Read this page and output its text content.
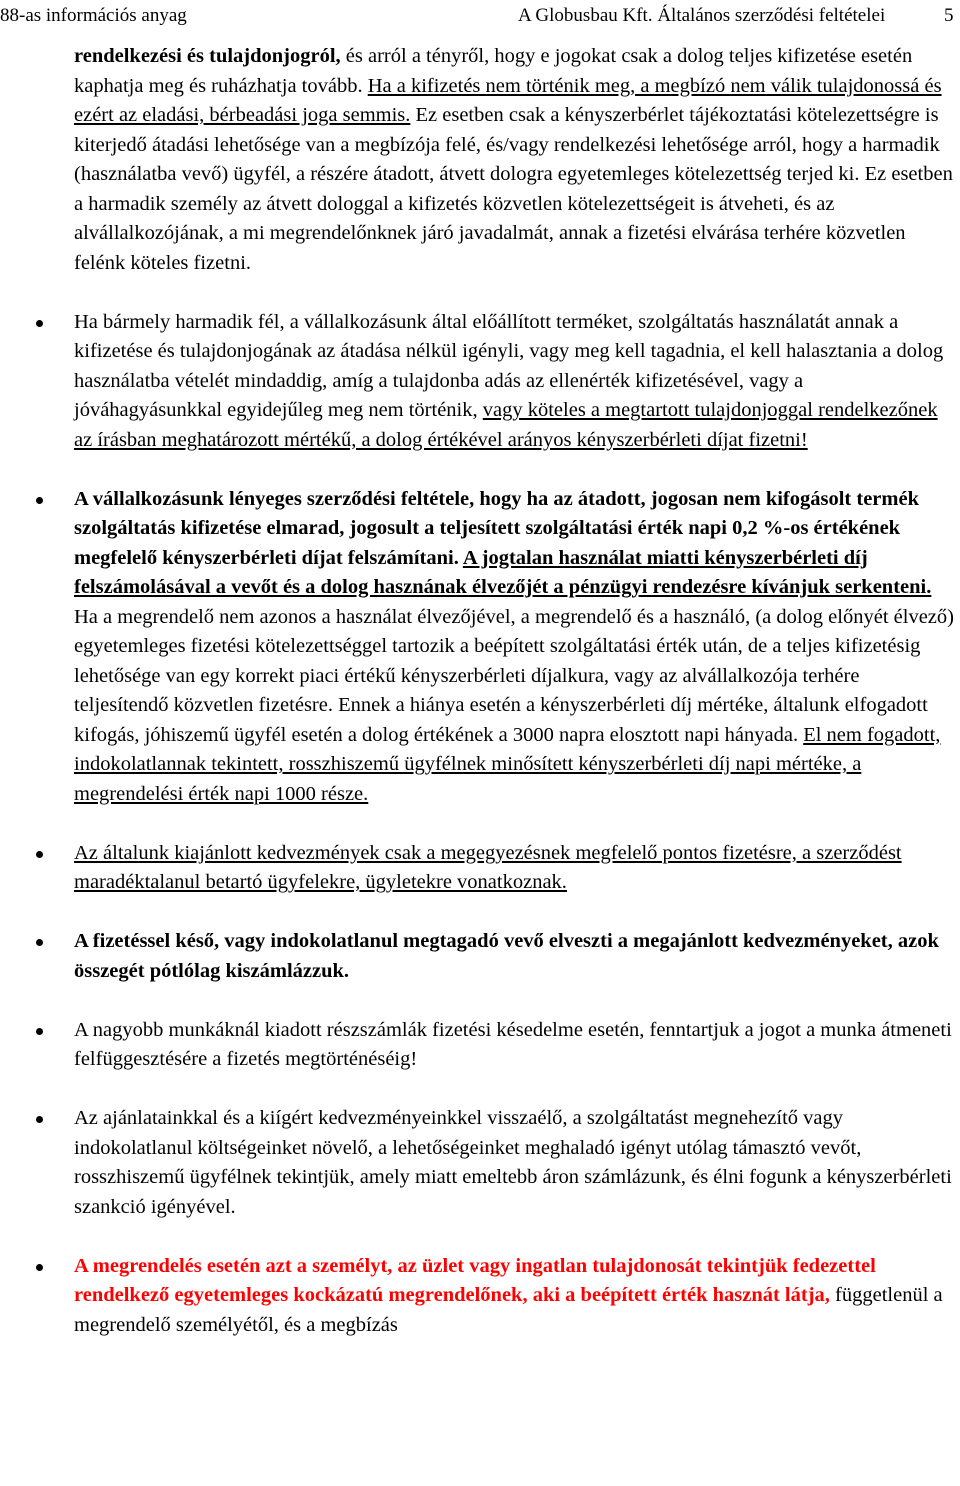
88-as információs anyag	A Globusbau Kft. Általános szerződési feltételei	5

rendelkezési és tulajdonjogról, és arról a tényről, hogy e jogokat csak a dolog teljes kifizetése esetén kaphatja meg és ruházhatja tovább. Ha a kifizetés nem történik meg, a megbízó nem válik tulajdonossá és ezért az eladási, bérbeadási joga semmis. Ez esetben csak a kényszerbérlet tájékoztatási kötelezettségre is kiterjedő átadási lehetősége van a megbízója felé, és/vagy rendelkezési lehetősége arról, hogy a harmadik (használatba vevő) ügyfél, a részére átadott, átvett dologra egyetemleges kötelezettség terjed ki. Ez esetben a harmadik személy az átvett dologgal a kifizetés közvetlen kötelezettségeit is átveheti, és az alvállalkozójának, a mi megrendelőnknek járó javadalmát, annak a fizetési elvárása terhére közvetlen felénk köteles fizetni.

Ha bármely harmadik fél, a vállalkozásunk által előállított terméket, szolgáltatás használatát annak a kifizetése és tulajdonjogának az átadása nélkül igényli, vagy meg kell tagadnia, el kell halasztania a dolog használatba vételét mindaddig, amíg a tulajdonba adás az ellenérték kifizetésével, vagy a jóváhagyásunkkal egyidejűleg meg nem történik, vagy köteles a megtartott tulajdonjoggal rendelkezőnek az írásban meghatározott mértékű, a dolog értékével arányos kényszerbérleti díjat fizetni!

A vállalkozásunk lényeges szerződési feltétele, hogy ha az átadott, jogosan nem kifogásolt termék szolgáltatás kifizetése elmarad, jogosult a teljesített szolgáltatási érték napi 0,2 %-os értékének megfelelő kényszerbérleti díjat felszámítani. A jogtalan használat miatti kényszerbérleti díj felszámolásával a vevőt és a dolog hasznának élvezőjét a pénzügyi rendezésre kívánjuk serkenteni. Ha a megrendelő nem azonos a használat élvezőjével, a megrendelő és a használó, (a dolog előnyét élvező) egyetemleges fizetési kötelezettséggel tartozik a beépített szolgáltatási érték után, de a teljes kifizetésig lehetősége van egy korrekt piaci értékű kényszerbérleti díjalkura, vagy az alvállalkozója terhére teljesítendő közvetlen fizetésre. Ennek a hiánya esetén a kényszerbérleti díj mértéke, általunk elfogadott kifogás, jóhiszemű ügyfél esetén a dolog értékének a 3000 napra elosztott napi hányada. El nem fogadott, indokolatlannak tekintett, rosszhiszemű ügyfélnek minősített kényszerbérleti díj napi mértéke, a megrendelési érték napi 1000 része.

Az általunk kiajánlott kedvezmények csak a megegyezésnek megfelelő pontos fizetésre, a szerződést maradéktalanul betartó ügyfelekre, ügyletekre vonatkoznak.

A fizetéssel késő, vagy indokolatlanul megtagadó vevő elveszti a megajánlott kedvezményeket, azok összegét pótlólag kiszámlázzuk.

A nagyobb munkáknál kiadott részszámlák fizetési késedelme esetén, fenntartjuk a jogot a munka átmeneti felfüggesztésére a fizetés megtörténéséig!

Az ajánlatainkkal és a kiígért kedvezményeinkkel visszaélő, a szolgáltatást megnehezítő vagy indokolatlanul költségeinket növelő, a lehetőségeinket meghaladó igényt utólag támasztó vevőt, rosszhiszemű ügyfélnek tekintjük, amely miatt emeltebb áron számlázunk, és élni fogunk a kényszerbérleti szankció igényével.

A megrendelés esetén azt a személyt, az üzlet vagy ingatlan tulajdonosát tekintjük fedezettel rendelkező egyetemleges kockázatú megrendelőnek, aki a beépített érték hasznát látja, függetlenül a megrendelő személyétől, és a megbízás
